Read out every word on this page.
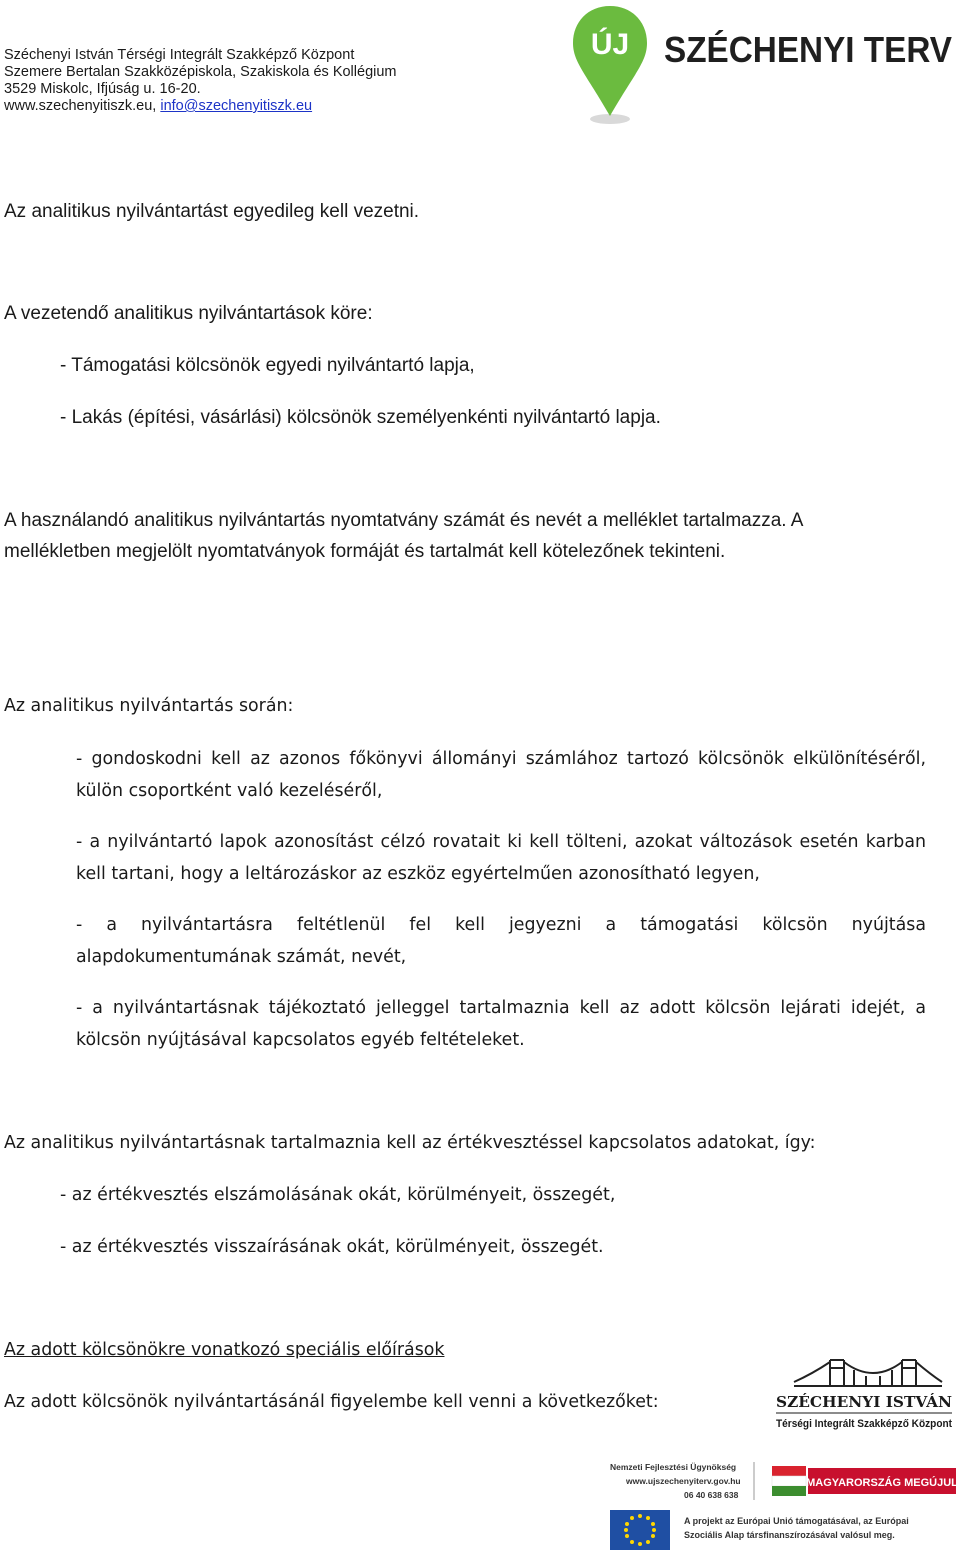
Széchenyi István Térségi Integrált Szakképző Központ
Szemere Bertalan Szakközépiskola, Szakiskola és Kollégium
3529 Miskolc, Ifjúság u. 16-20.
www.szechenyitiszk.eu, info@szechenyitiszk.eu
ÚJ SZÉCHENYI TERV

Az analitikus nyilvántartást egyedileg kell vezetni.

A vezetendő analitikus nyilvántartások köre:

- Támogatási kölcsönök egyedi nyilvántartó lapja,

- Lakás (építési, vásárlási) kölcsönök személyenkénti nyilvántartó lapja.

A használandó analitikus nyilvántartás nyomtatvány számát és nevét a melléklet tartalmazza. A

mellékletben megjelölt nyomtatványok formáját és tartalmát kell kötelezőnek tekinteni.

Az analitikus nyilvántartás során:

- gondoskodni kell az azonos főkönyvi állományi számlához tartozó kölcsönök elkülönítéséről, külön csoportként való kezeléséről,

- a nyilvántartó lapok azonosítást célzó rovatait ki kell tölteni, azokat változások esetén karban kell tartani, hogy a leltározáskor az eszköz egyértelműen azonosítható legyen,

- a nyilvántartásra feltétlenül fel kell jegyezni a támogatási kölcsön nyújtása alapdokumentumának számát, nevét,

- a nyilvántartásnak tájékoztató jelleggel tartalmaznia kell az adott kölcsön lejárati idejét, a kölcsön nyújtásával kapcsolatos egyéb feltételeket.

Az analitikus nyilvántartásnak tartalmaznia kell az értékvesztéssel kapcsolatos adatokat, így:

- az értékvesztés elszámolásának okát, körülményeit, összegét,

- az értékvesztés visszaírásának okát, körülményeit, összegét.

Az adott kölcsönökre vonatkozó speciális előírások

Az adott kölcsönök nyilvántartásánál figyelembe kell venni a következőket:	SZÉCHENYI ISTVÁN
Térségi Integrált Szakképző Központ
Nemzeti Fejlesztési Ügynökség
www.ujszechenyiterv.gov.hu
06 40 638 638
MAGYARORSZÁG MEGÚJUL
A projekt az Európai Unió támogatásával, az Európai
Szociális Alap társfinanszírozásával valósul meg.
